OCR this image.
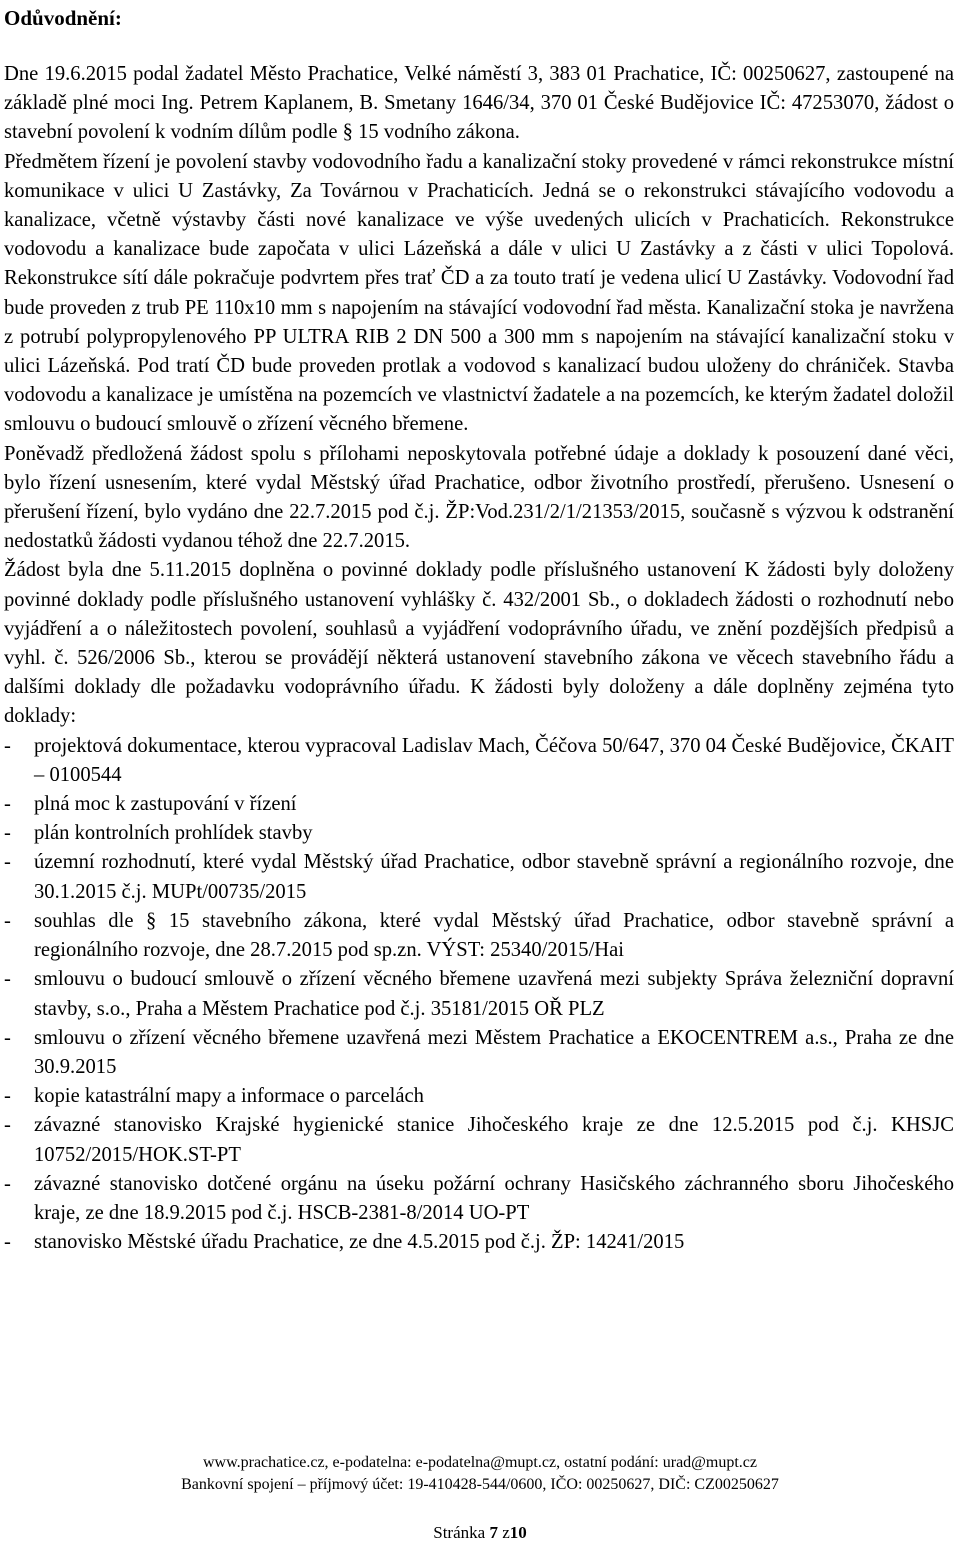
Odůvodnění:

Dne 19.6.2015 podal žadatel Město Prachatice, Velké náměstí 3, 383 01 Prachatice, IČ: 00250627, zastoupené na základě plné moci Ing. Petrem Kaplanem, B. Smetany 1646/34, 370 01 České Budějovice IČ: 47253070, žádost o stavební povolení k vodním dílům podle § 15 vodního zákona.

Předmětem řízení je povolení stavby vodovodního řadu a kanalizační stoky provedené v rámci rekonstrukce místní komunikace v ulici U Zastávky, Za Továrnou v Prachaticích. Jedná se o rekonstrukci stávajícího vodovodu a kanalizace, včetně výstavby části nové kanalizace ve výše uvedených ulicích v Prachaticích. Rekonstrukce vodovodu a kanalizace bude započata v ulici Lázeňská a dále v ulici U Zastávky a z části v ulici Topolová. Rekonstrukce sítí dále pokračuje podvrtem přes trať ČD a za touto tratí je vedena ulicí U Zastávky. Vodovodní řad bude proveden z trub PE 110x10 mm s napojením na stávající vodovodní řad města. Kanalizační stoka je navržena z potrubí polypropylenového PP ULTRA RIB 2 DN 500 a 300 mm s napojením na stávající kanalizační stoku v ulici Lázeňská. Pod tratí ČD bude proveden protlak a vodovod s kanalizací budou uloženy do chrániček. Stavba vodovodu a kanalizace je umístěna na pozemcích ve vlastnictví žadatele a na pozemcích, ke kterým žadatel doložil smlouvu o budoucí smlouvě o zřízení věcného břemene.

Poněvadž předložená žádost spolu s přílohami neposkytovala potřebné údaje a doklady k posouzení dané věci, bylo řízení usnesením, které vydal Městský úřad Prachatice, odbor životního prostředí, přerušeno. Usnesení o přerušení řízení, bylo vydáno dne 22.7.2015 pod č.j. ŽP:Vod.231/2/1/21353/2015, současně s výzvou k odstranění nedostatků žádosti vydanou téhož dne 22.7.2015.

Žádost byla dne 5.11.2015 doplněna o povinné doklady podle příslušného ustanovení K žádosti byly doloženy povinné doklady podle příslušného ustanovení vyhlášky č. 432/2001 Sb., o dokladech žádosti o rozhodnutí nebo vyjádření a o náležitostech povolení, souhlasů a vyjádření vodoprávního úřadu, ve znění pozdějších předpisů a vyhl. č. 526/2006 Sb., kterou se provádějí některá ustanovení stavebního zákona ve věcech stavebního řádu a dalšími doklady dle požadavku vodoprávního úřadu. K žádosti byly doloženy a dále doplněny zejména tyto doklady:

- projektová dokumentace, kterou vypracoval Ladislav Mach, Čéčova 50/647, 370 04 České Budějovice, ČKAIT – 0100544
- plná moc k zastupování v řízení
- plán kontrolních prohlídek stavby
- územní rozhodnutí, které vydal Městský úřad Prachatice, odbor stavebně správní a regionálního rozvoje, dne 30.1.2015 č.j. MUPt/00735/2015
- souhlas dle § 15 stavebního zákona, které vydal Městský úřad Prachatice, odbor stavebně správní a regionálního rozvoje, dne 28.7.2015 pod sp.zn. VÝST: 25340/2015/Hai
- smlouvu o budoucí smlouvě o zřízení věcného břemene uzavřená mezi subjekty Správa železniční dopravní stavby, s.o., Praha a Městem Prachatice pod č.j. 35181/2015 OŘ PLZ
- smlouvu o zřízení věcného břemene uzavřená mezi Městem Prachatice a EKOCENTREM a.s., Praha ze dne 30.9.2015
- kopie katastrální mapy a informace o parcelách
- závazné stanovisko Krajské hygienické stanice Jihočeského kraje ze dne 12.5.2015 pod č.j. KHSJC 10752/2015/HOK.ST-PT
- závazné stanovisko dotčené orgánu na úseku požární ochrany Hasičského záchranného sboru Jihočeského kraje, ze dne 18.9.2015 pod č.j. HSCB-2381-8/2014 UO-PT
- stanovisko Městské úřadu Prachatice, ze dne 4.5.2015 pod č.j. ŽP: 14241/2015
www.prachatice.cz, e-podatelna: e-podatelna@mupt.cz, ostatní podání: urad@mupt.cz
Bankovní spojení – příjmový účet: 19-410428-544/0600, IČO: 00250627, DIČ: CZ00250627
Stránka 7 z10
